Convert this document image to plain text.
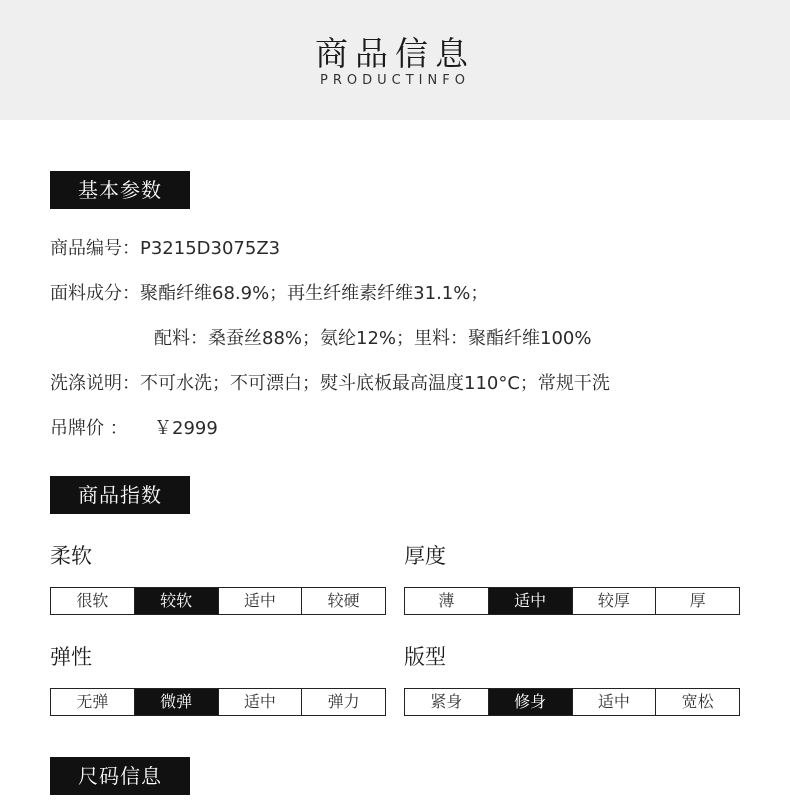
商品信息
PRODUCTINFO
基本参数
商品编号：P3215D3075Z3
面料成分：聚酯纤维68.9%；再生纤维素纤维31.1%；
配料：桑蚕丝88%；氨纶12%；里料：聚酯纤维100%
洗涤说明：不可水洗；不可漂白；熨斗底板最高温度110°C；常规干洗
吊牌价 ： ￥2999
商品指数
柔软
很软	较软	适中	较硬
厚度
薄	适中	较厚	厚
弹性
无弹	微弹	适中	弹力
版型
紧身	修身	适中	宽松
尺码信息
